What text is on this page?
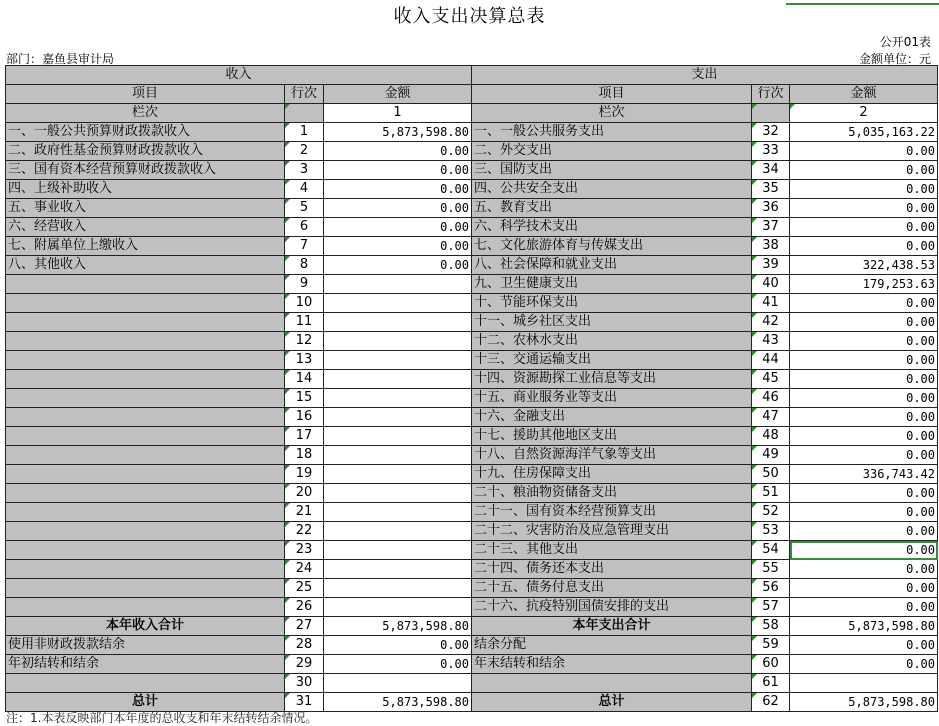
收入支出决算总表
公开01表
部门：嘉鱼县审计局	金额单位：元
收入			支出		
项目	行次	金额	项目	行次	金额
栏次		1	栏次		2
一、一般公共预算财政拨款收入	1	5,873,598.80	一、一般公共服务支出	32	5,035,163.22
二、政府性基金预算财政拨款收入	2	0.00	二、外交支出	33	0.00
三、国有资本经营预算财政拨款收入	3	0.00	三、国防支出	34	0.00
四、上级补助收入	4	0.00	四、公共安全支出	35	0.00
五、事业收入	5	0.00	五、教育支出	36	0.00
六、经营收入	6	0.00	六、科学技术支出	37	0.00
七、附属单位上缴收入	7	0.00	七、文化旅游体育与传媒支出	38	0.00
八、其他收入	8	0.00	八、社会保障和就业支出	39	322,438.53
	9		九、卫生健康支出	40	179,253.63
	10		十、节能环保支出	41	0.00
	11		十一、城乡社区支出	42	0.00
	12		十二、农林水支出	43	0.00
	13		十三、交通运输支出	44	0.00
	14		十四、资源勘探工业信息等支出	45	0.00
	15		十五、商业服务业等支出	46	0.00
	16		十六、金融支出	47	0.00
	17		十七、援助其他地区支出	48	0.00
	18		十八、自然资源海洋气象等支出	49	0.00
	19		十九、住房保障支出	50	336,743.42
	20		二十、粮油物资储备支出	51	0.00
	21		二十一、国有资本经营预算支出	52	0.00
	22		二十二、灾害防治及应急管理支出	53	0.00
	23		二十三、其他支出	54	0.00
	24		二十四、债务还本支出	55	0.00
	25		二十五、债务付息支出	56	0.00
	26		二十六、抗疫特别国债安排的支出	57	0.00
本年收入合计	27	5,873,598.80	本年支出合计	58	5,873,598.80
使用非财政拨款结余	28	0.00	结余分配	59	0.00
年初结转和结余	29	0.00	年末结转和结余	60	0.00
	30			61	
总计	31	5,873,598.80	总计	62	5,873,598.80
注：1.本表反映部门本年度的总收支和年末结转结余情况。
